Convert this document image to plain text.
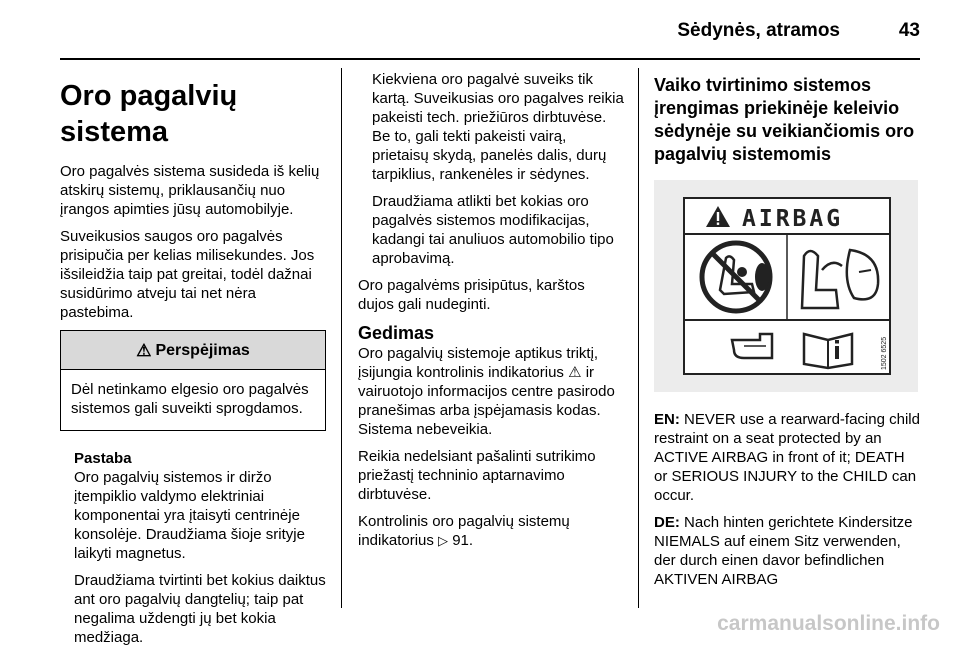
Sėdynės, atramos	43
Oro pagalvių sistema

Oro pagalvės sistema susideda iš kelių atskirų sistemų, priklausančių nuo įrangos apimties jūsų automobilyje.

Suveikusios saugos oro pagalvės prisipučia per kelias milisekundes. Jos išsileidžia taip pat greitai, todėl dažnai susidūrimo atveju tai net nėra pastebima.

⚠ Perspėjimas
Dėl netinkamo elgesio oro pagalvės sistemos gali suveikti sprogdamos.
Pastaba

Oro pagalvių sistemos ir diržo įtempiklio valdymo elektriniai komponentai yra įtaisyti centrinėje konsolėje. Draudžiama šioje srityje laikyti magnetus.

Draudžiama tvirtinti bet kokius daiktus ant oro pagalvių dangtelių; taip pat negalima uždengti jų bet kokia medžiaga.

Kiekviena oro pagalvė suveiks tik kartą. Suveikusias oro pagalves reikia pakeisti tech. priežiūros dirbtuvėse. Be to, gali tekti pakeisti vairą, prietaisų skydą, panelės dalis, durų tarpiklius, rankenėles ir sėdynes.

Draudžiama atlikti bet kokias oro pagalvės sistemos modifikacijas, kadangi tai anuliuos automobilio tipo aprobavimą.

Oro pagalvėms prisipūtus, karštos dujos gali nudeginti.

Gedimas

Oro pagalvių sistemoje aptikus triktį, įsijungia kontrolinis indikatorius ⚠ ir vairuotojo informacijos centre pasirodo pranešimas arba įspėjamasis kodas. Sistema nebeveikia.

Reikia nedelsiant pašalinti sutrikimo priežastį techninio aptarnavimo dirbtuvėse.

Kontrolinis oro pagalvių sistemų indikatorius ▷ 91.

Vaiko tvirtinimo sistemos įrengimas priekinėje keleivio sėdynėje su veikiančiomis oro pagalvių sistemomis
AIRBAG
1502 6525

EN: NEVER use a rearward-facing child restraint on a seat protected by an ACTIVE AIRBAG in front of it; DEATH or SERIOUS INJURY to the CHILD can occur.

DE: Nach hinten gerichtete Kindersitze NIEMALS auf einem Sitz verwenden, der durch einen davor befindlichen AKTIVEN AIRBAG

carmanualsonline.info
